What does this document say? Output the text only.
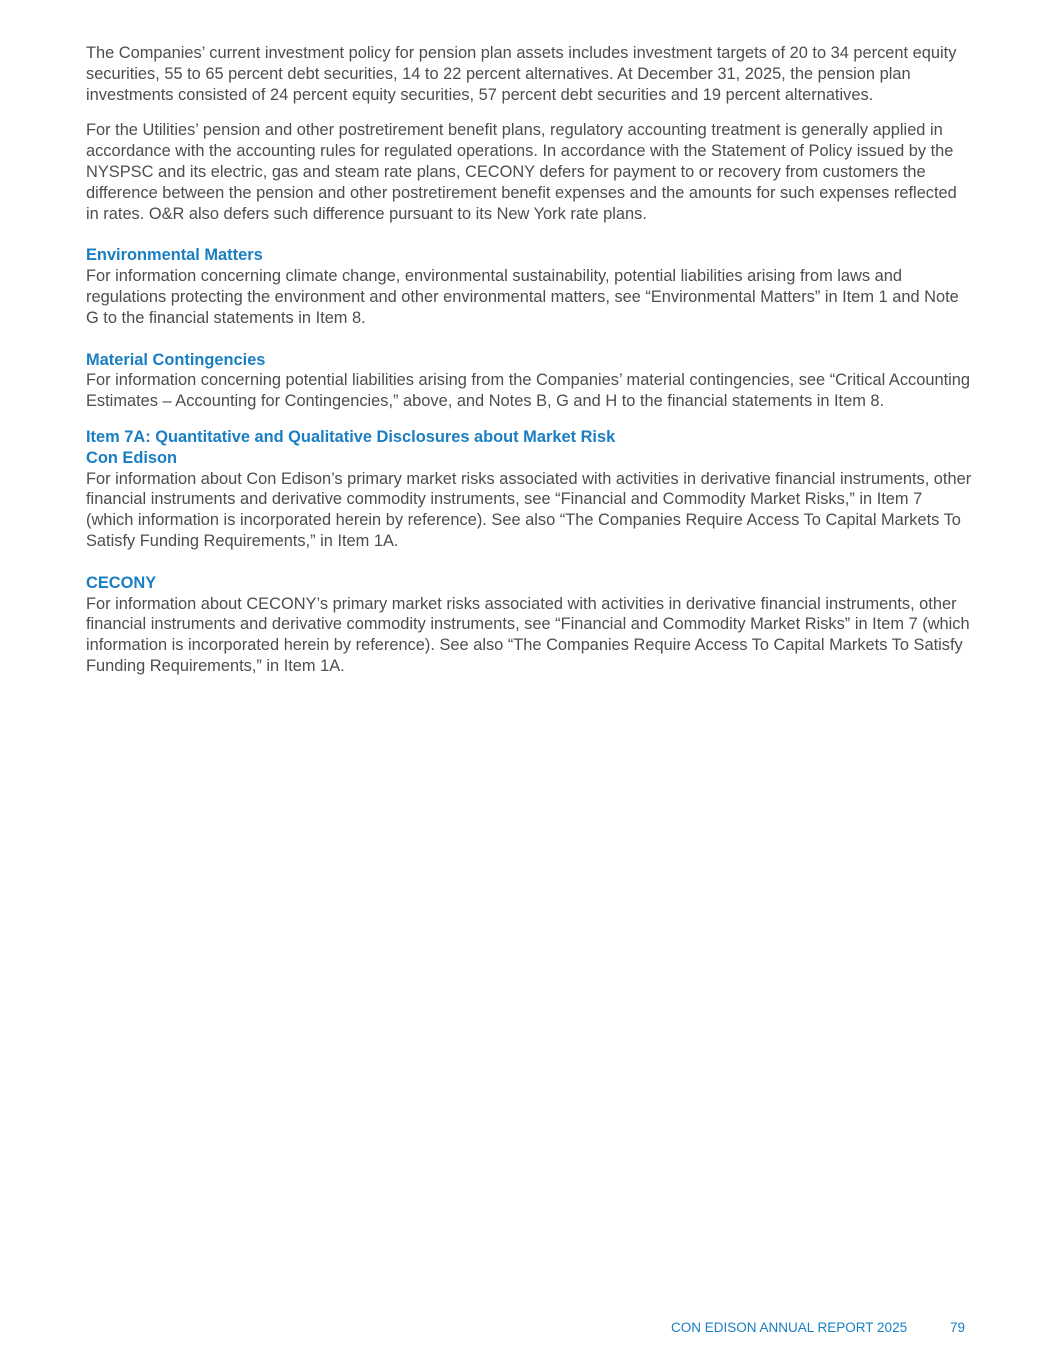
The Companies’ current investment policy for pension plan assets includes investment targets of 20 to 34 percent equity securities, 55 to 65 percent debt securities, 14 to 22 percent alternatives. At December 31, 2025, the pension plan investments consisted of 24 percent equity securities, 57 percent debt securities and 19 percent alternatives.

For the Utilities’ pension and other postretirement benefit plans, regulatory accounting treatment is generally applied in accordance with the accounting rules for regulated operations. In accordance with the Statement of Policy issued by the NYSPSC and its electric, gas and steam rate plans, CECONY defers for payment to or recovery from customers the difference between the pension and other postretirement benefit expenses and the amounts for such expenses reflected in rates. O&R also defers such difference pursuant to its New York rate plans.

Environmental Matters

For information concerning climate change, environmental sustainability, potential liabilities arising from laws and regulations protecting the environment and other environmental matters, see “Environmental Matters” in Item 1 and Note G to the financial statements in Item 8.

Material Contingencies

For information concerning potential liabilities arising from the Companies’ material contingencies, see “Critical Accounting Estimates – Accounting for Contingencies,” above, and Notes B, G and H to the financial statements in Item 8.

Item 7A: Quantitative and Qualitative Disclosures about Market Risk
Con Edison

For information about Con Edison’s primary market risks associated with activities in derivative financial instruments, other financial instruments and derivative commodity instruments, see “Financial and Commodity Market Risks,” in Item 7 (which information is incorporated herein by reference). See also “The Companies Require Access To Capital Markets To Satisfy Funding Requirements,” in Item 1A.

CECONY

For information about CECONY’s primary market risks associated with activities in derivative financial instruments, other financial instruments and derivative commodity instruments, see “Financial and Commodity Market Risks” in Item 7 (which information is incorporated herein by reference). See also “The Companies Require Access To Capital Markets To Satisfy Funding Requirements,” in Item 1A.

CON EDISON ANNUAL REPORT 2025	79
